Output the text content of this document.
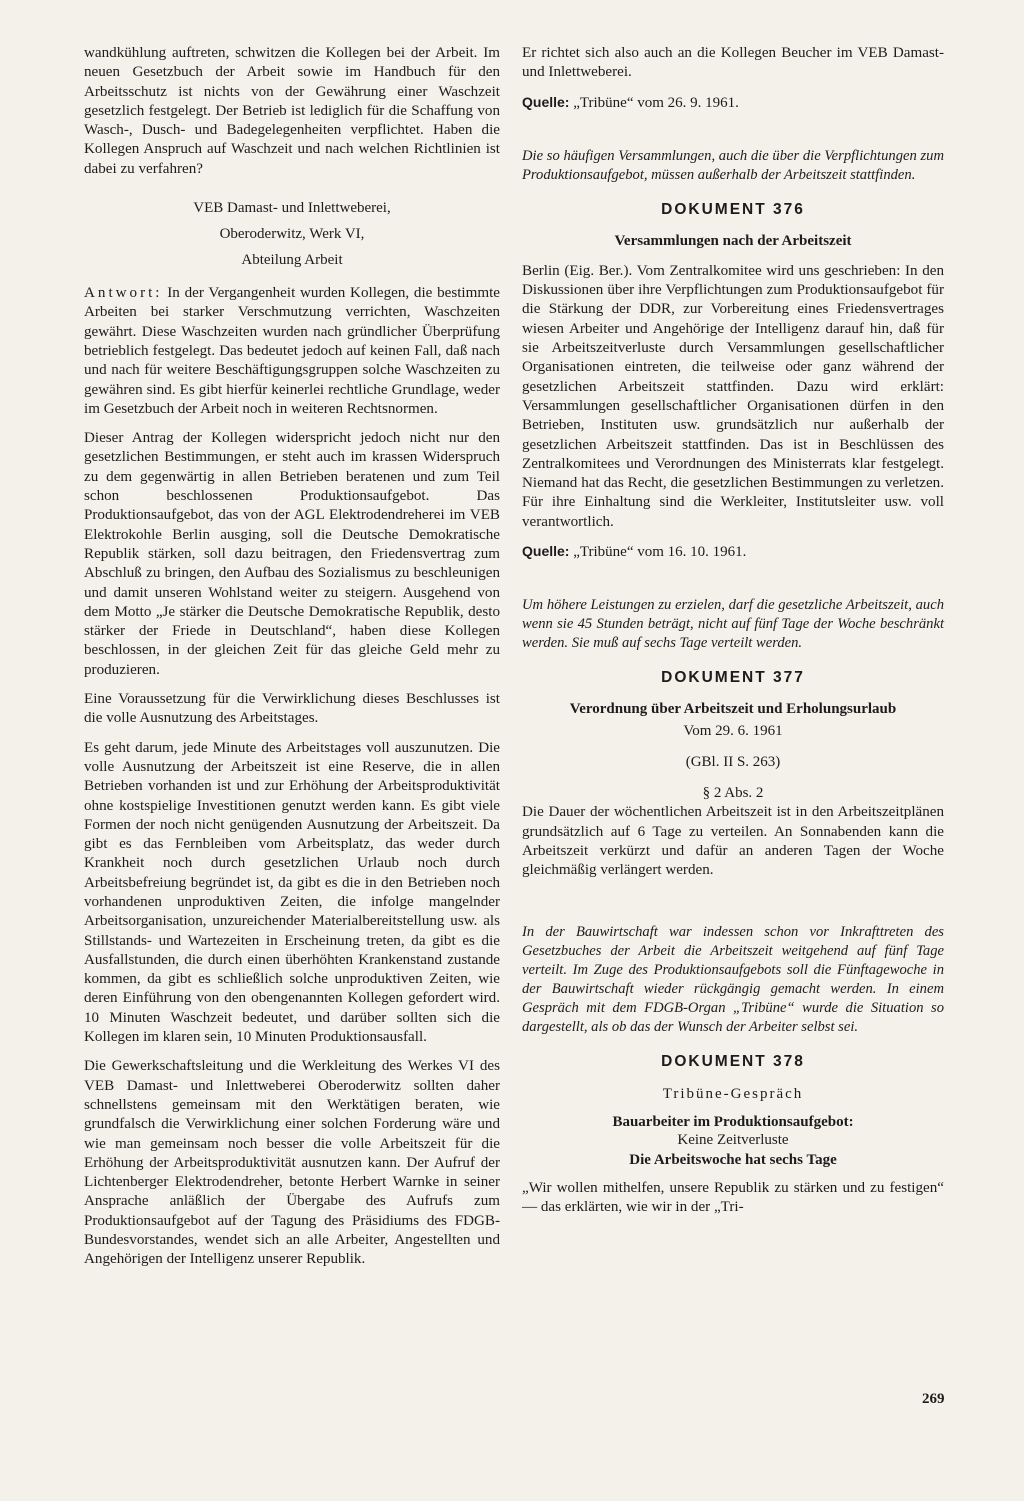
wandkühlung auftreten, schwitzen die Kollegen bei der Arbeit. Im neuen Gesetzbuch der Arbeit sowie im Handbuch für den Arbeitsschutz ist nichts von der Gewährung einer Waschzeit gesetzlich festgelegt. Der Betrieb ist lediglich für die Schaffung von Wasch-, Dusch- und Badegelegenheiten verpflichtet. Haben die Kollegen Anspruch auf Waschzeit und nach welchen Richtlinien ist dabei zu verfahren?

VEB Damast- und Inlettweberei,
Oberoderwitz, Werk VI,
Abteilung Arbeit

Antwort: In der Vergangenheit wurden Kollegen, die bestimmte Arbeiten bei starker Verschmutzung verrichten, Waschzeiten gewährt. Diese Waschzeiten wurden nach gründlicher Überprüfung betrieblich festgelegt. Das bedeutet jedoch auf keinen Fall, daß nach und nach für weitere Beschäftigungsgruppen solche Waschzeiten zu gewähren sind. Es gibt hierfür keinerlei rechtliche Grundlage, weder im Gesetzbuch der Arbeit noch in weiteren Rechtsnormen.

Dieser Antrag der Kollegen widerspricht jedoch nicht nur den gesetzlichen Bestimmungen, er steht auch im krassen Widerspruch zu dem gegenwärtig in allen Betrieben beratenen und zum Teil schon beschlossenen Produktionsaufgebot. Das Produktionsaufgebot, das von der AGL Elektrodendreherei im VEB Elektrokohle Berlin ausging, soll die Deutsche Demokratische Republik stärken, soll dazu beitragen, den Friedensvertrag zum Abschluß zu bringen, den Aufbau des Sozialismus zu beschleunigen und damit unseren Wohlstand weiter zu steigern. Ausgehend von dem Motto „Je stärker die Deutsche Demokratische Republik, desto stärker der Friede in Deutschland“, haben diese Kollegen beschlossen, in der gleichen Zeit für das gleiche Geld mehr zu produzieren.

Eine Voraussetzung für die Verwirklichung dieses Beschlusses ist die volle Ausnutzung des Arbeitstages.

Es geht darum, jede Minute des Arbeitstages voll auszunutzen. Die volle Ausnutzung der Arbeitszeit ist eine Reserve, die in allen Betrieben vorhanden ist und zur Erhöhung der Arbeitsproduktivität ohne kostspielige Investitionen genutzt werden kann. Es gibt viele Formen der noch nicht genügenden Ausnutzung der Arbeitszeit. Da gibt es das Fernbleiben vom Arbeitsplatz, das weder durch Krankheit noch durch gesetzlichen Urlaub noch durch Arbeitsbefreiung begründet ist, da gibt es die in den Betrieben noch vorhandenen unproduktiven Zeiten, die infolge mangelnder Arbeitsorganisation, unzureichender Materialbereitstellung usw. als Stillstands- und Wartezeiten in Erscheinung treten, da gibt es die Ausfallstunden, die durch einen überhöhten Krankenstand zustande kommen, da gibt es schließlich solche unproduktiven Zeiten, wie deren Einführung von den obengenannten Kollegen gefordert wird. 10 Minuten Waschzeit bedeutet, und darüber sollten sich die Kollegen im klaren sein, 10 Minuten Produktionsausfall.

Die Gewerkschaftsleitung und die Werkleitung des Werkes VI des VEB Damast- und Inlettweberei Oberoderwitz sollten daher schnellstens gemeinsam mit den Werktätigen beraten, wie grundfalsch die Verwirklichung einer solchen Forderung wäre und wie man gemeinsam noch besser die volle Arbeitszeit für die Erhöhung der Arbeitsproduktivität ausnutzen kann. Der Aufruf der Lichtenberger Elektrodendreher, betonte Herbert Warnke in seiner Ansprache anläßlich der Übergabe des Aufrufs zum Produktionsaufgebot auf der Tagung des Präsidiums des FDGB-Bundesvorstandes, wendet sich an alle Arbeiter, Angestellten und Angehörigen der Intelligenz unserer Republik.

Er richtet sich also auch an die Kollegen Beucher im VEB Damast- und Inlettweberei.

Quelle: „Tribüne“ vom 26. 9. 1961.

Die so häufigen Versammlungen, auch die über die Verpflichtungen zum Produktionsaufgebot, müssen außerhalb der Arbeitszeit stattfinden.

DOKUMENT 376
Versammlungen nach der Arbeitszeit

Berlin (Eig. Ber.). Vom Zentralkomitee wird uns geschrieben: In den Diskussionen über ihre Verpflichtungen zum Produktionsaufgebot für die Stärkung der DDR, zur Vorbereitung eines Friedensvertrages wiesen Arbeiter und Angehörige der Intelligenz darauf hin, daß für sie Arbeitszeitverluste durch Versammlungen gesellschaftlicher Organisationen eintreten, die teilweise oder ganz während der gesetzlichen Arbeitszeit stattfinden. Dazu wird erklärt: Versammlungen gesellschaftlicher Organisationen dürfen in den Betrieben, Instituten usw. grundsätzlich nur außerhalb der gesetzlichen Arbeitszeit stattfinden. Das ist in Beschlüssen des Zentralkomitees und Verordnungen des Ministerrats klar festgelegt. Niemand hat das Recht, die gesetzlichen Bestimmungen zu verletzen. Für ihre Einhaltung sind die Werkleiter, Institutsleiter usw. voll verantwortlich.

Quelle: „Tribüne“ vom 16. 10. 1961.

Um höhere Leistungen zu erzielen, darf die gesetzliche Arbeitszeit, auch wenn sie 45 Stunden beträgt, nicht auf fünf Tage der Woche beschränkt werden. Sie muß auf sechs Tage verteilt werden.

DOKUMENT 377
Verordnung über Arbeitszeit und Erholungsurlaub
Vom 29. 6. 1961
(GBl. II S. 263)
§ 2 Abs. 2

Die Dauer der wöchentlichen Arbeitszeit ist in den Arbeitszeitplänen grundsätzlich auf 6 Tage zu verteilen. An Sonnabenden kann die Arbeitszeit verkürzt und dafür an anderen Tagen der Woche gleichmäßig verlängert werden.

In der Bauwirtschaft war indessen schon vor Inkrafttreten des Gesetzbuches der Arbeit die Arbeitszeit weitgehend auf fünf Tage verteilt. Im Zuge des Produktionsaufgebots soll die Fünftagewoche in der Bauwirtschaft wieder rückgängig gemacht werden. In einem Gespräch mit dem FDGB-Organ „Tribüne“ wurde die Situation so dargestellt, als ob das der Wunsch der Arbeiter selbst sei.

DOKUMENT 378
Tribüne-Gespräch
Bauarbeiter im Produktionsaufgebot:
Keine Zeitverluste
Die Arbeitswoche hat sechs Tage

„Wir wollen mithelfen, unsere Republik zu stärken und zu festigen“ — das erklärten, wie wir in der „Tri-

269
